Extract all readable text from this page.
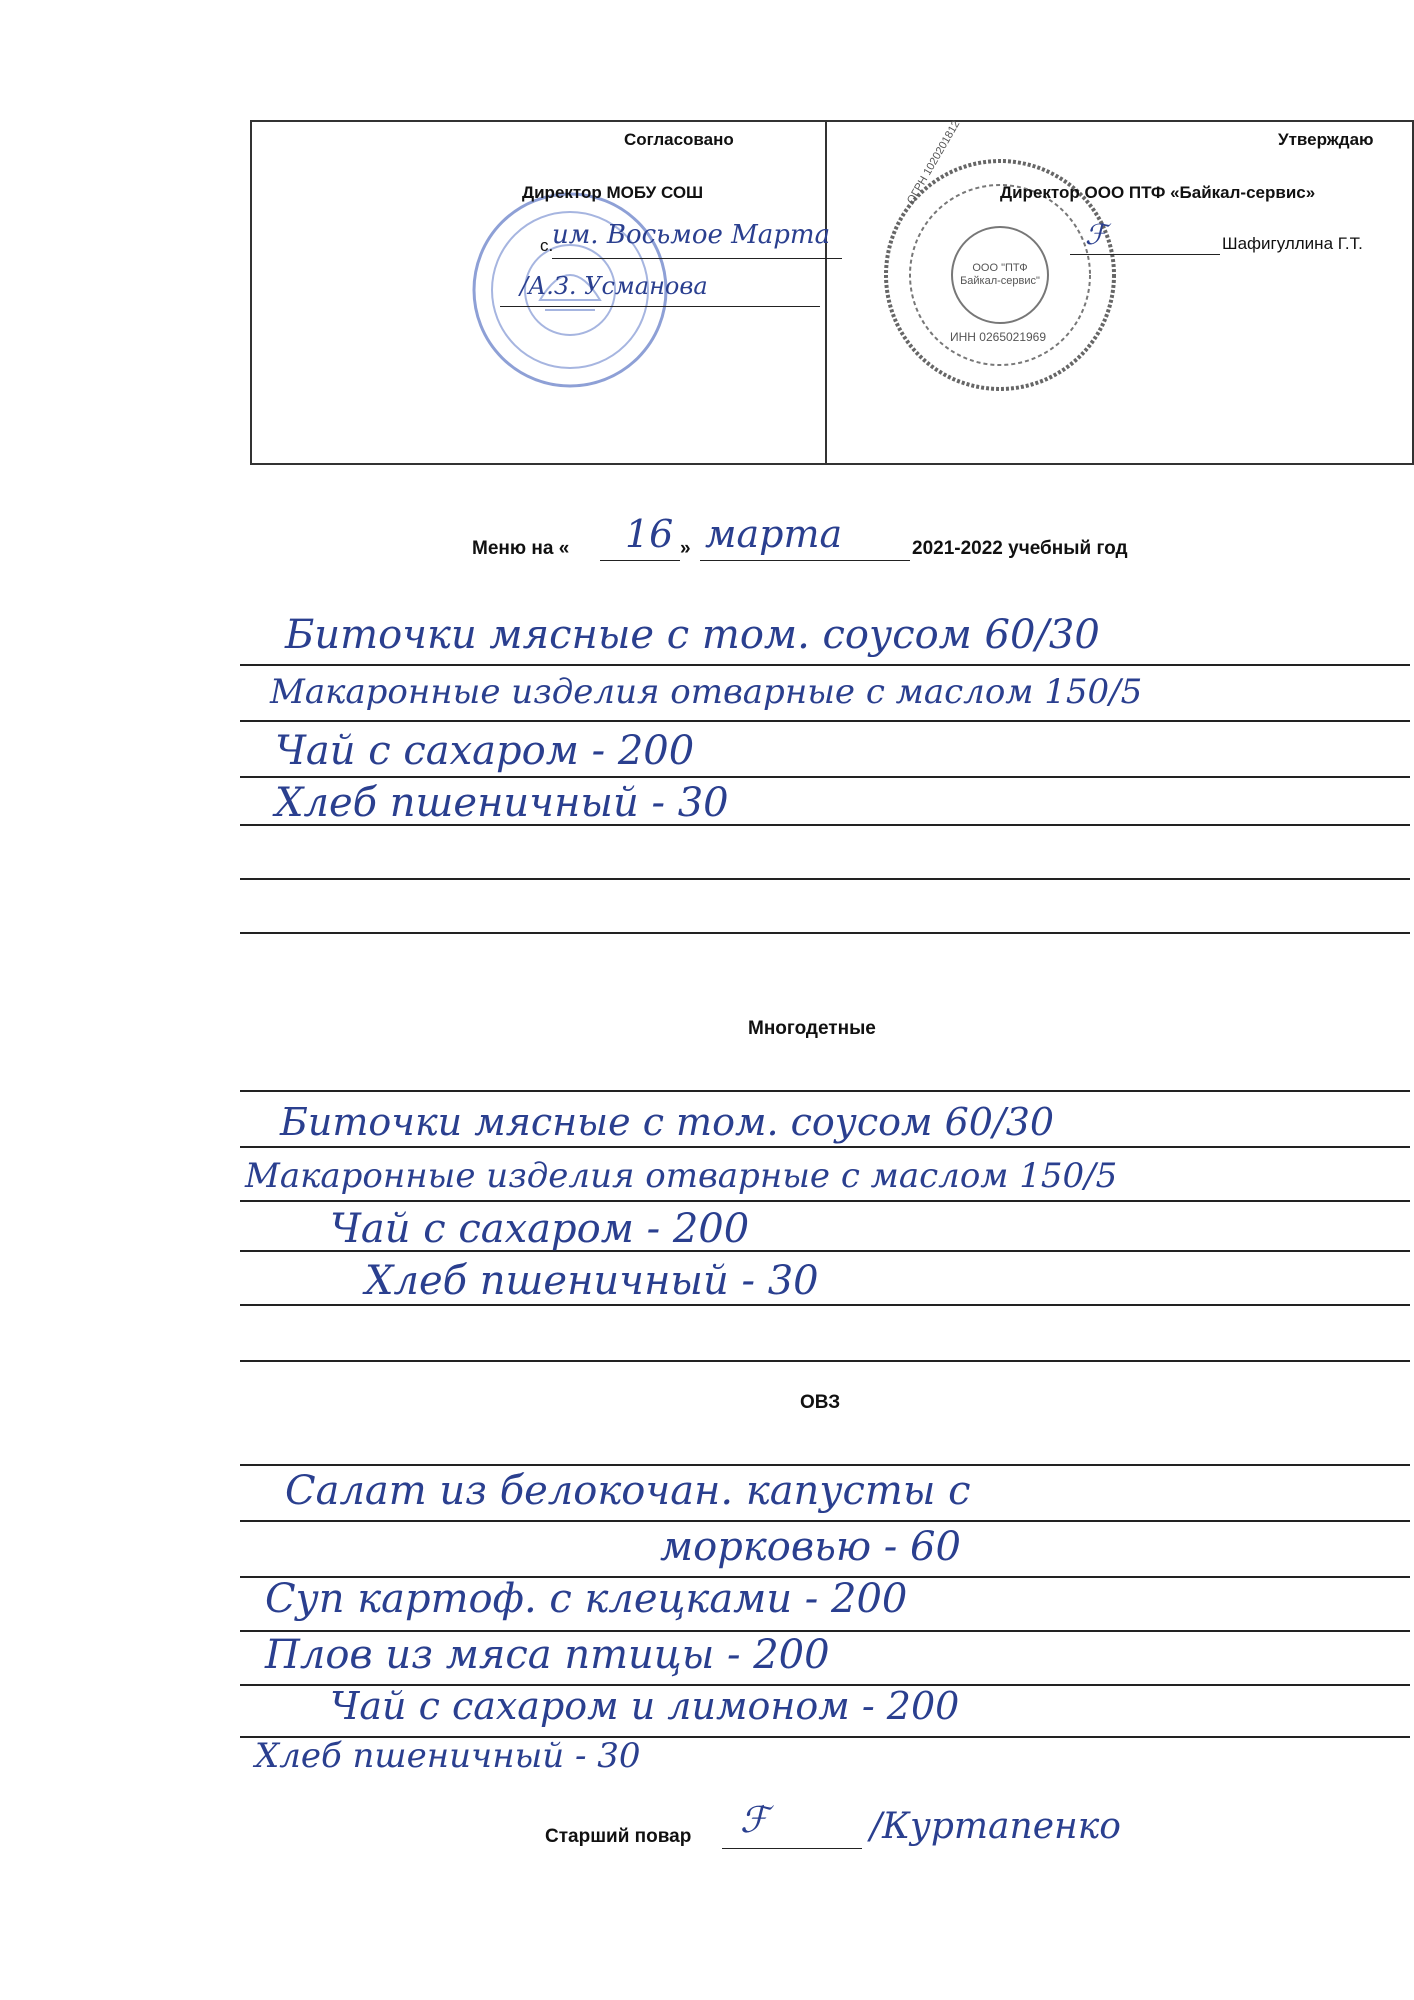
Согласовано
Директор МОБУ СОШ
с.
им. Восьмое Марта
/А.З. Усманова
ООО "ПТФ Байкал-сервис"
ИНН 0265021969
ОГРН 1020201812	Утверждаю
Директор ООО ПТФ «Байкал-сервис»
ℱ	Шафигуллина Г.Т.
Меню на « 16 » марта	2021-2022 учебный год
Биточки мясные с том. соусом 60/30
Макаронные изделия отварные с маслом 150/5
Чай с сахаром - 200
Хлеб пшеничный - 30
Многодетные
Биточки мясные с том. соусом 60/30
Макаронные изделия отварные с маслом 150/5
Чай с сахаром - 200
Хлеб пшеничный - 30
ОВЗ
Салат из белокочан. капусты с
морковью - 60
Суп картоф. с клецками - 200
Плов из мяса птицы - 200
Чай с сахаром и лимоном - 200
Хлеб пшеничный - 30
Старший повар ℱ	/Куртапенко
